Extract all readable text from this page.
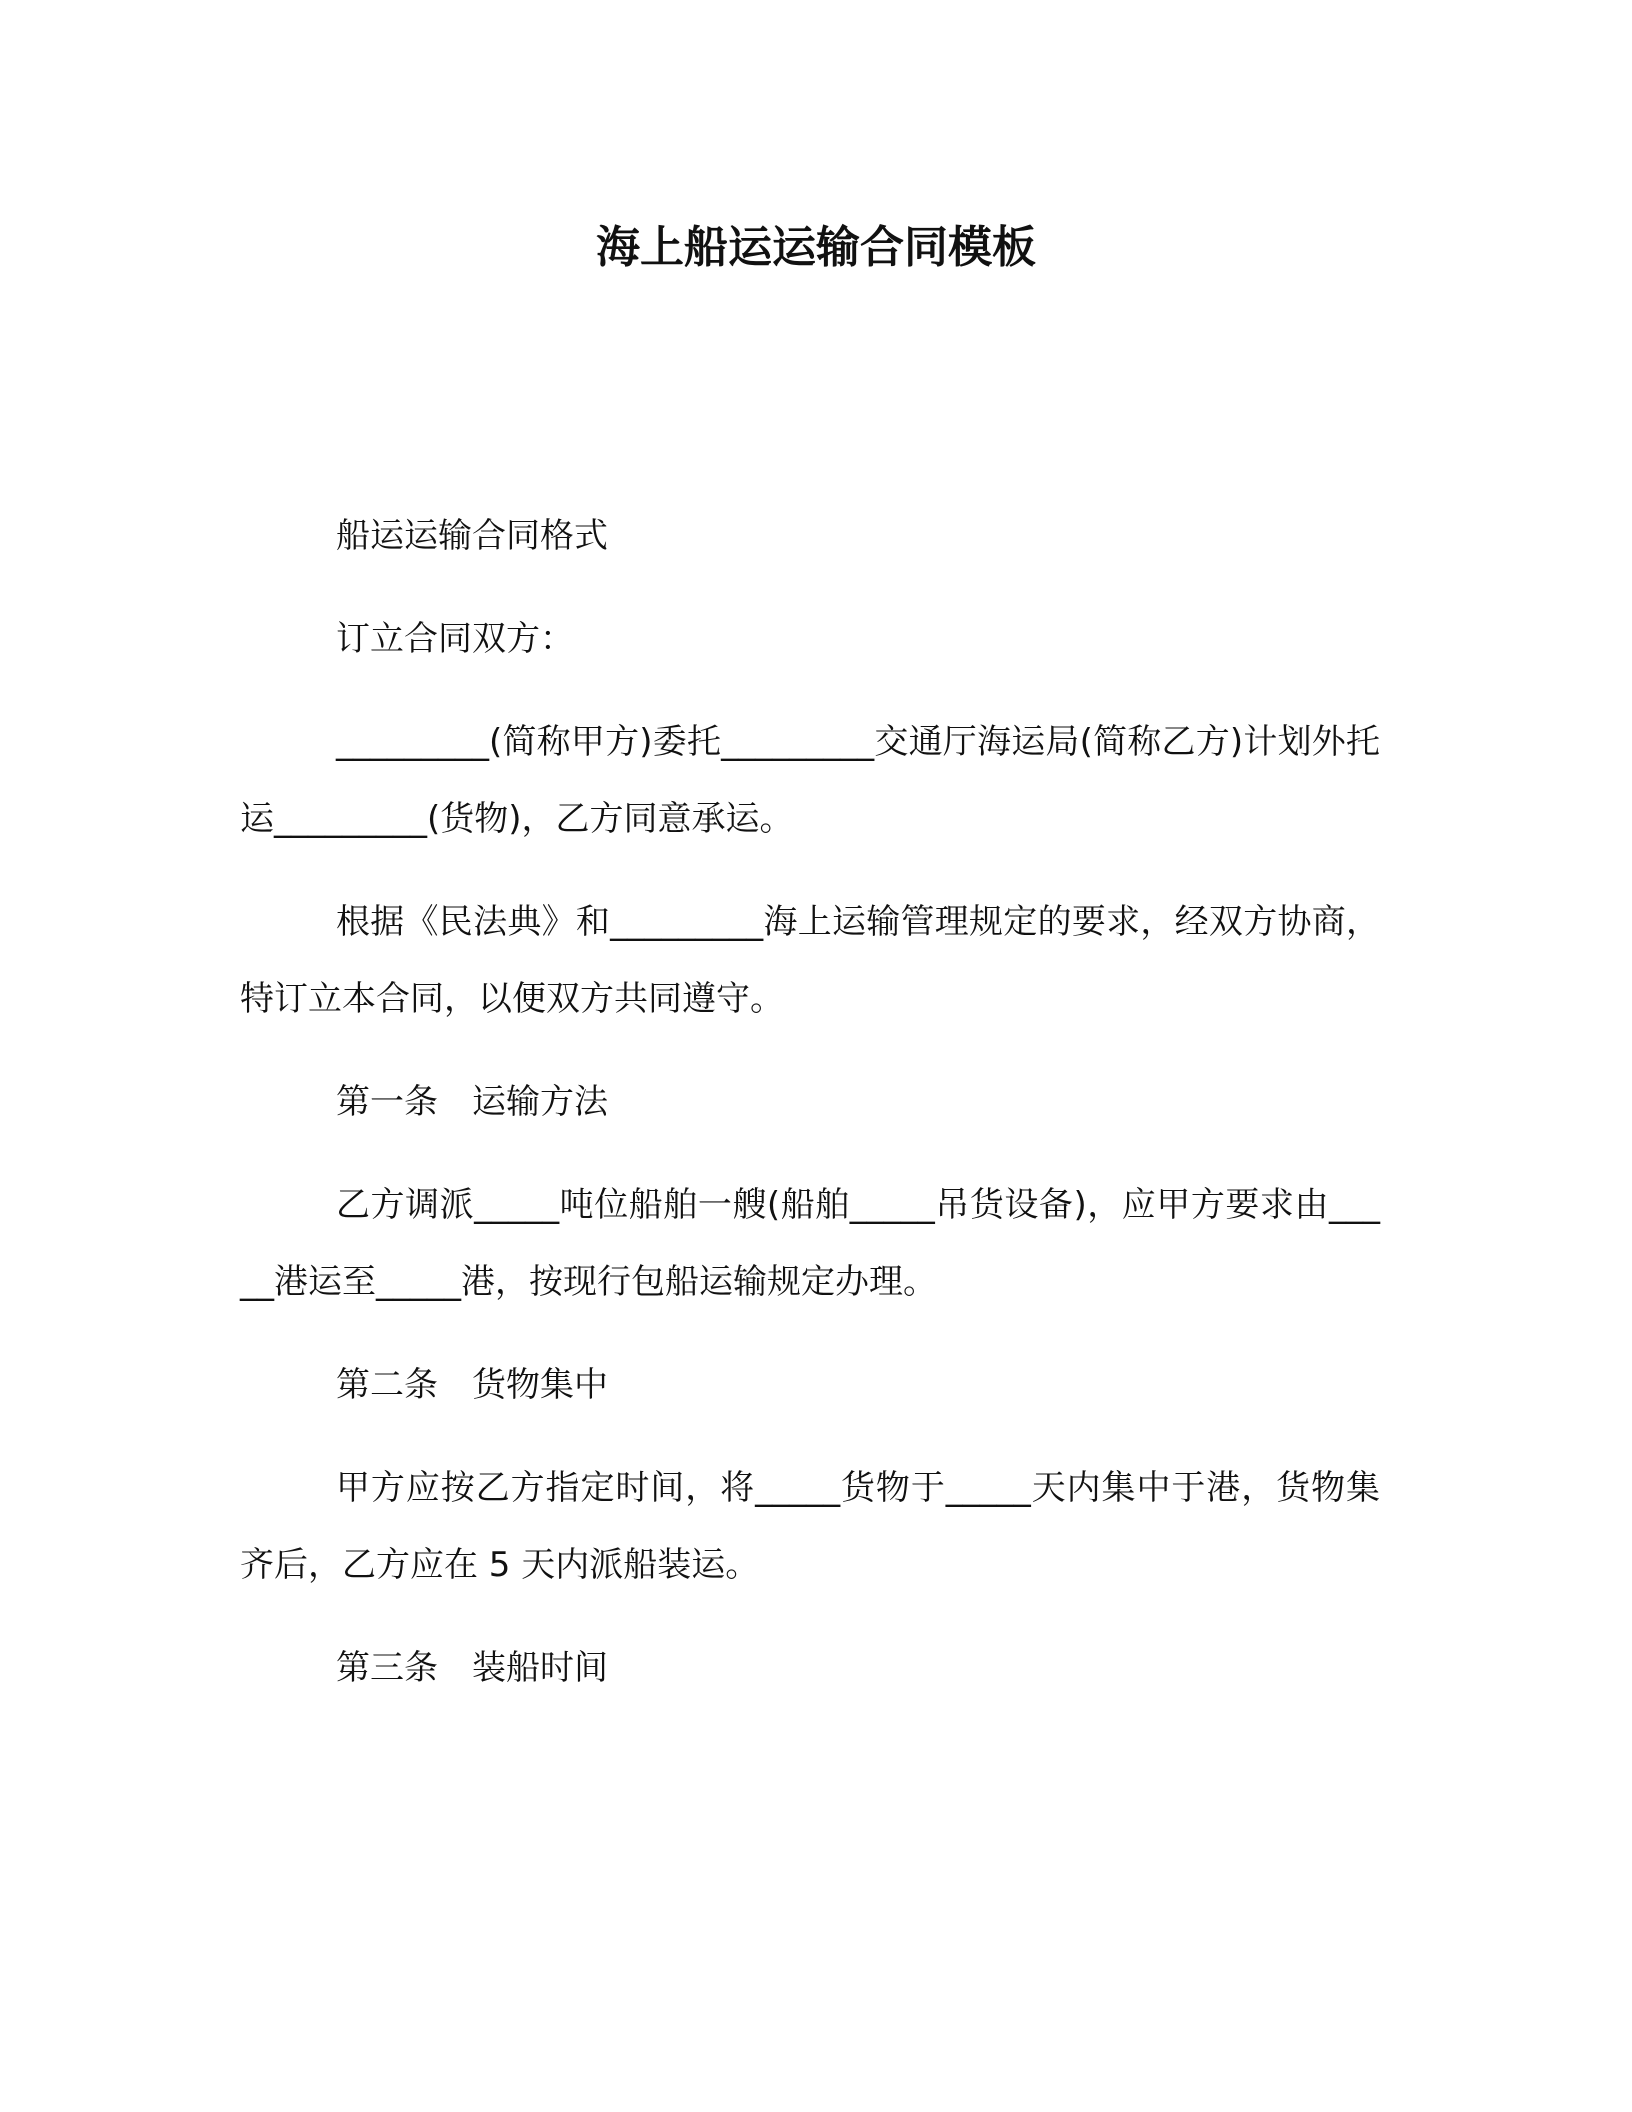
海上船运运输合同模板

船运运输合同格式

订立合同双方：

_________(简称甲方)委托_________交通厅海运局(简称乙方)计划外托运_________(货物)，乙方同意承运。

根据《民法典》和_________海上运输管理规定的要求，经双方协商，特订立本合同，以便双方共同遵守。

第一条　运输方法

乙方调派_____吨位船舶一艘(船舶_____吊货设备)，应甲方要求由_____港运至_____港，按现行包船运输规定办理。

第二条　货物集中

甲方应按乙方指定时间，将_____货物于_____天内集中于港，货物集齐后，乙方应在 5 天内派船装运。

第三条　装船时间
